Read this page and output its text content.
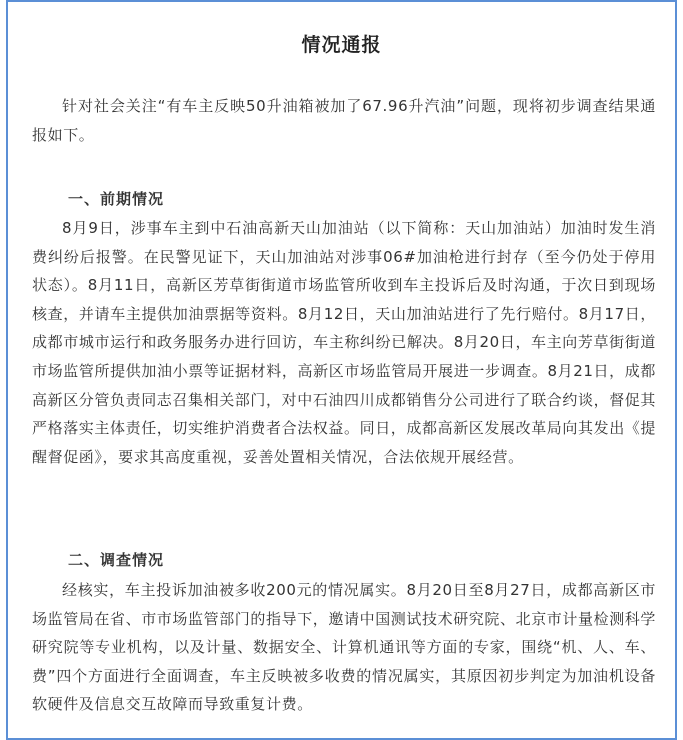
情况通报

针对社会关注“有车主反映50升油箱被加了67.96升汽油”问题，现将初步调查结果通报如下。

一、前期情况

8月9日，涉事车主到中石油高新天山加油站（以下简称：天山加油站）加油时发生消费纠纷后报警。在民警见证下，天山加油站对涉事06#加油枪进行封存（至今仍处于停用状态）。8月11日，高新区芳草街街道市场监管所收到车主投诉后及时沟通，于次日到现场核查，并请车主提供加油票据等资料。8月12日，天山加油站进行了先行赔付。8月17日，成都市城市运行和政务服务办进行回访，车主称纠纷已解决。8月20日，车主向芳草街街道市场监管所提供加油小票等证据材料，高新区市场监管局开展进一步调查。8月21日，成都高新区分管负责同志召集相关部门，对中石油四川成都销售分公司进行了联合约谈，督促其严格落实主体责任，切实维护消费者合法权益。同日，成都高新区发展改革局向其发出《提醒督促函》，要求其高度重视，妥善处置相关情况，合法依规开展经营。

二、调查情况

经核实，车主投诉加油被多收200元的情况属实。8月20日至8月27日，成都高新区市场监管局在省、市市场监管部门的指导下，邀请中国测试技术研究院、北京市计量检测科学研究院等专业机构，以及计量、数据安全、计算机通讯等方面的专家，围绕“机、人、车、费”四个方面进行全面调查，车主反映被多收费的情况属实，其原因初步判定为加油机设备软硬件及信息交互故障而导致重复计费。
